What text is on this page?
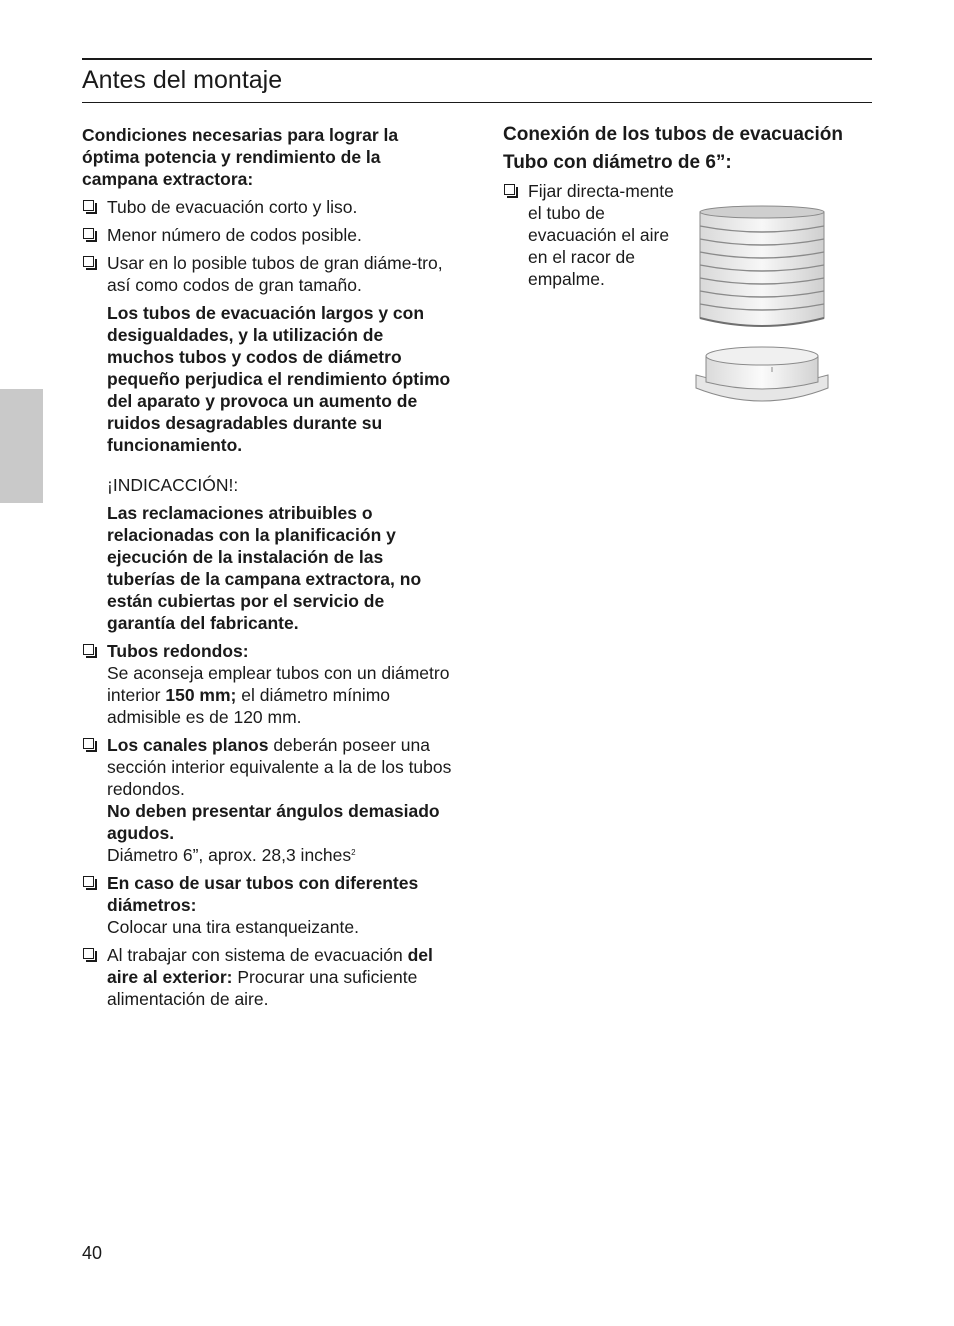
Antes del montaje

Condiciones necesarias para lograr la óptima potencia y rendimiento de la campana extractora:

Tubo de evacuación corto y liso.
Menor número de codos posible.
Usar en lo posible tubos de gran diáme-tro, así como codos de gran tamaño.

Los tubos de evacuación largos y con desigualdades, y la utilización de muchos tubos y codos de diámetro pequeño perjudica el rendimiento óptimo del aparato y provoca un aumento de ruidos desagradables durante su funcionamiento.

¡INDICACCIÓN!:

Las reclamaciones atribuibles o relacionadas con la planificación y ejecución de la instalación de las tuberías de la campana extractora, no están cubiertas por el servicio de garantía del fabricante.

Tubos redondos:
Se aconseja emplear tubos con un diámetro interior 150 mm; el diámetro mínimo admisible es de 120 mm.
Los canales planos deberán poseer una sección interior equivalente a la de los tubos redondos.
No deben presentar ángulos demasiado agudos.
Diámetro 6”, aprox. 28,3 inches$^2$
En caso de usar tubos con diferentes diámetros:
Colocar una tira estanqueizante.
Al trabajar con sistema de evacuación del aire al exterior: Procurar una suficiente alimentación de aire.

Conexión de los tubos de evacuación

Tubo con diámetro de 6”:

Fijar directa-mente el tubo de evacuación el aire en el racor de empalme.
40
